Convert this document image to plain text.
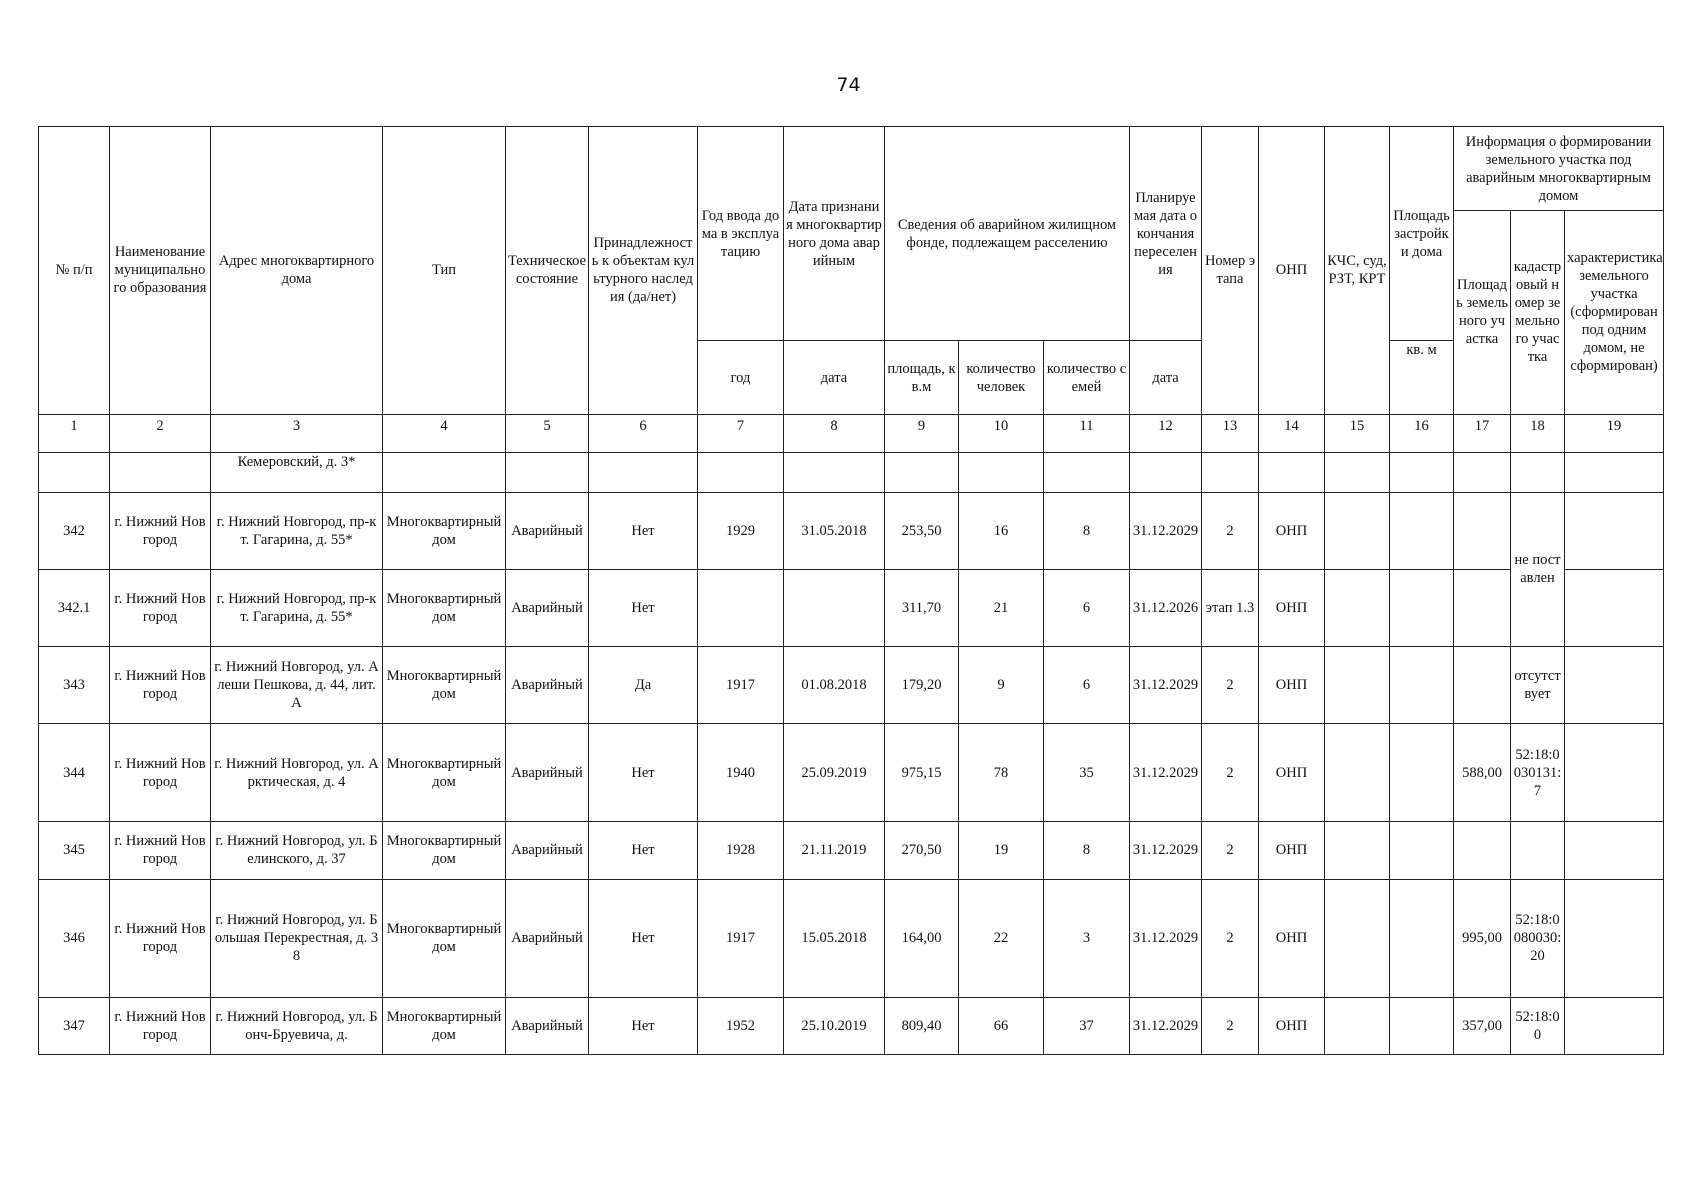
74
№ п/п	Наименование муниципального образования	Адрес многоквартирного дома	Тип	Техническое состояние	Принадлежность к объектам культурного наследия (да/нет)	Год ввода дома в эксплуатацию	Дата признания многоквартирного дома аварийным	Сведения об аварийном жилищном фонде, подлежащем расселению			Планируемая дата окончания переселения	Номер этапа	ОНП	КЧС, суд, РЗТ, КРТ	Площадь застройки дома	Информация о формировании земельного участка под аварийным многоквартирным домом		
																Площадь земельного участка	кадастровый номер земельного участка	характеристика земельного участка (сформирован под одним домом, не сформирован)
						год	дата	площадь, кв.м	количество человек	количество семей	дата				кв. м			
1	2	3	4	5	6	7	8	9	10	11	12	13	14	15	16	17	18	19
		Кемеровский, д. 3*																
342	г. Нижний Новгород	г. Нижний Новгород, пр-кт. Гагарина, д. 55*	Многоквартирный дом	Аварийный	Нет	1929	31.05.2018	253,50	16	8	31.12.2029	2	ОНП				не поставлен	
342.1	г. Нижний Новгород	г. Нижний Новгород, пр-кт. Гагарина, д. 55*	Многоквартирный дом	Аварийный	Нет			311,70	21	6	31.12.2026	этап 1.3	ОНП					
343	г. Нижний Новгород	г. Нижний Новгород, ул. Алеши Пешкова, д. 44, лит. А	Многоквартирный дом	Аварийный	Да	1917	01.08.2018	179,20	9	6	31.12.2029	2	ОНП				отсутствует	
344	г. Нижний Новгород	г. Нижний Новгород, ул. Арктическая, д. 4	Многоквартирный дом	Аварийный	Нет	1940	25.09.2019	975,15	78	35	31.12.2029	2	ОНП			588,00	52:18:0030131:7	
345	г. Нижний Новгород	г. Нижний Новгород, ул. Белинского, д. 37	Многоквартирный дом	Аварийный	Нет	1928	21.11.2019	270,50	19	8	31.12.2029	2	ОНП					
346	г. Нижний Новгород	г. Нижний Новгород, ул. Большая Перекрестная, д. 38	Многоквартирный дом	Аварийный	Нет	1917	15.05.2018	164,00	22	3	31.12.2029	2	ОНП			995,00	52:18:0080030:20	
347	г. Нижний Новгород	г. Нижний Новгород, ул. Бонч-Бруевича, д.	Многоквартирный дом	Аварийный	Нет	1952	25.10.2019	809,40	66	37	31.12.2029	2	ОНП			357,00	52:18:00	
